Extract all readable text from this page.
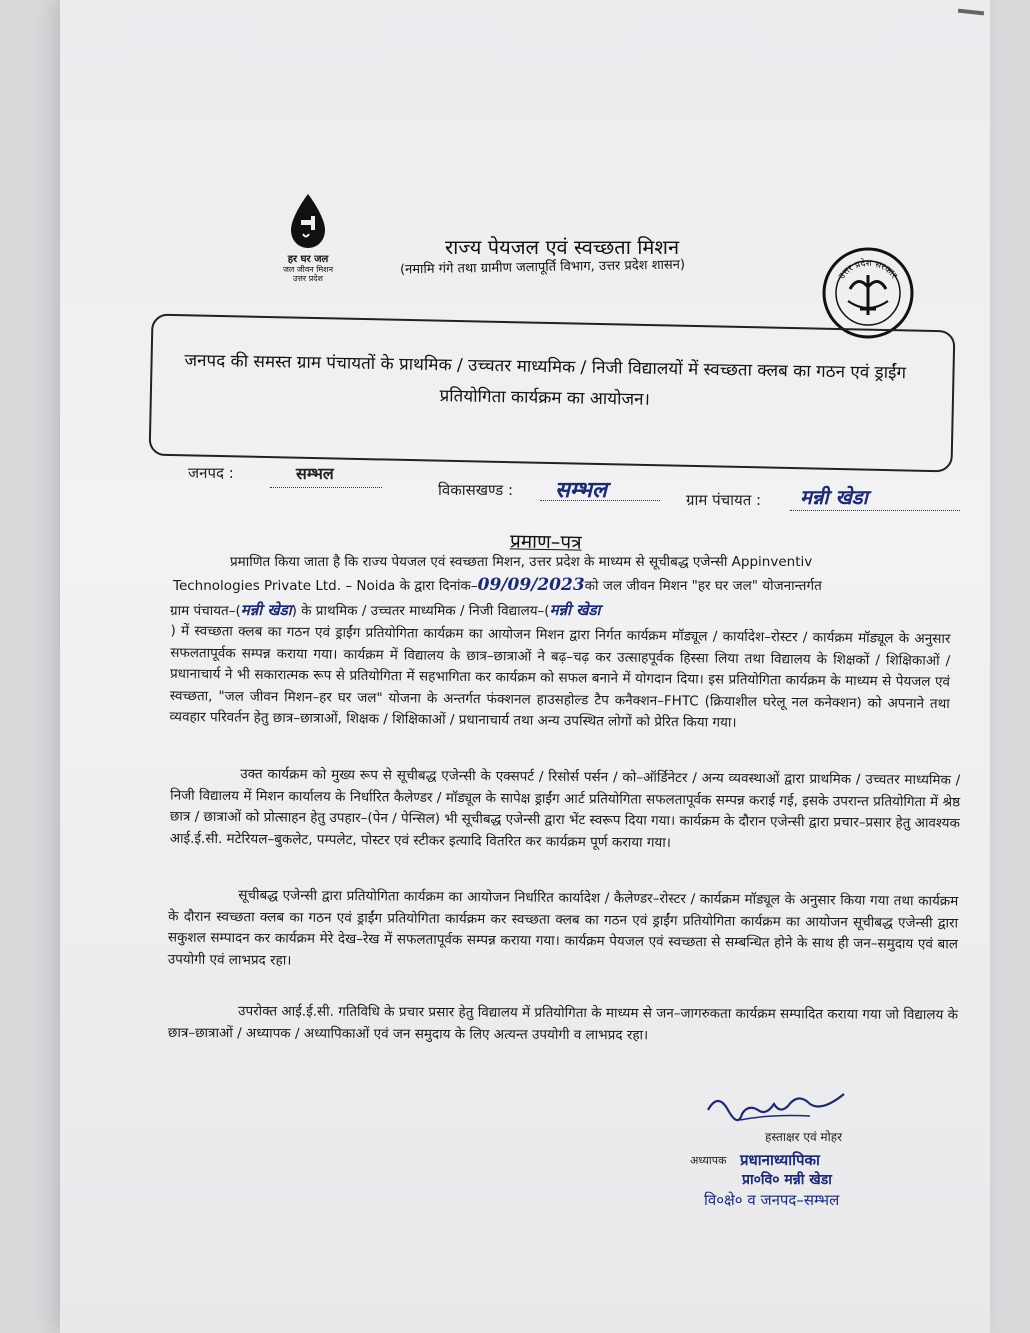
हर घर जल
जल जीवन मिशन
उत्तर प्रदेश
राज्य पेयजल एवं स्वच्छता मिशन
(नमामि गंगे तथा ग्रामीण जलापूर्ति विभाग, उत्तर प्रदेश शासन)	उत्तर प्रदेश सरकार
जनपद की समस्त ग्राम पंचायतों के प्राथमिक / उच्चतर माध्यमिक / निजी विद्यालयों में स्वच्छता क्लब का गठन एवं ड्राईंग प्रतियोगिता कार्यक्रम का आयोजन।
जनपद :	सम्भल
विकासखण्ड : सम्भल	ग्राम पंचायत : मन्नी खेडा
प्रमाण–पत्र
प्रमाणित किया जाता है कि राज्य पेयजल एवं स्वच्छता मिशन, उत्तर प्रदेश के माध्यम से सूचीबद्ध एजेन्सी Appinventiv
Technologies Private Ltd. – Noida के द्वारा दिनांक–09/09/2023को जल जीवन मिशन "हर घर जल" योजनान्तर्गत
ग्राम पंचायत–(मन्नी खेडा) के प्राथमिक / उच्चतर माध्यमिक / निजी विद्यालय–(मन्नी खेडा
) में स्वच्छता क्लब का गठन एवं ड्राईंग प्रतियोगिता कार्यक्रम का आयोजन मिशन द्वारा निर्गत कार्यक्रम मॉड्यूल / कार्यादेश–रोस्टर / कार्यक्रम मॉड्यूल के अनुसार सफलतापूर्वक सम्पन्न कराया गया। कार्यक्रम में विद्यालय के छात्र–छात्राओं ने बढ़–चढ़ कर उत्साहपूर्वक हिस्सा लिया तथा विद्यालय के शिक्षकों / शिक्षिकाओं / प्रधानाचार्य ने भी सकारात्मक रूप से प्रतियोगिता में सहभागिता कर कार्यक्रम को सफल बनाने में योगदान दिया। इस प्रतियोगिता कार्यक्रम के माध्यम से पेयजल एवं स्वच्छता, "जल जीवन मिशन–हर घर जल" योजना के अन्तर्गत फंक्शनल हाउसहोल्ड टैप कनैक्शन–FHTC (क्रियाशील घरेलू नल कनेक्शन) को अपनाने तथा व्यवहार परिवर्तन हेतु छात्र–छात्राओं, शिक्षक / शिक्षिकाओं / प्रधानाचार्य तथा अन्य उपस्थित लोगों को प्रेरित किया गया।
उक्त कार्यक्रम को मुख्य रूप से सूचीबद्ध एजेन्सी के एक्सपर्ट / रिसोर्स पर्सन / को–ऑर्डिनेटर / अन्य व्यवस्थाओं द्वारा प्राथमिक / उच्चतर माध्यमिक / निजी विद्यालय में मिशन कार्यालय के निर्धारित कैलेण्डर / मॉड्यूल के सापेक्ष ड्राईंग आर्ट प्रतियोगिता सफलतापूर्वक सम्पन्न कराई गई, इसके उपरान्त प्रतियोगिता में श्रेष्ठ छात्र / छात्राओं को प्रोत्साहन हेतु उपहार–(पेन / पेन्सिल) भी सूचीबद्ध एजेन्सी द्वारा भेंट स्वरूप दिया गया। कार्यक्रम के दौरान एजेन्सी द्वारा प्रचार–प्रसार हेतु आवश्यक आई.ई.सी. मटेरियल–बुकलेट, पम्पलेट, पोस्टर एवं स्टीकर इत्यादि वितरित कर कार्यक्रम पूर्ण कराया गया।
सूचीबद्ध एजेन्सी द्वारा प्रतियोगिता कार्यक्रम का आयोजन निर्धारित कार्यादेश / कैलेण्डर–रोस्टर / कार्यक्रम मॉड्यूल के अनुसार किया गया तथा कार्यक्रम के दौरान स्वच्छता क्लब का गठन एवं ड्राईंग प्रतियोगिता कार्यक्रम कर स्वच्छता क्लब का गठन एवं ड्राईंग प्रतियोगिता कार्यक्रम का आयोजन सूचीबद्ध एजेन्सी द्वारा सकुशल सम्पादन कर कार्यक्रम मेरे देख–रेख में सफलतापूर्वक सम्पन्न कराया गया। कार्यक्रम पेयजल एवं स्वच्छता से सम्बन्धित होने के साथ ही जन–समुदाय एवं बाल उपयोगी एवं लाभप्रद रहा।
उपरोक्त आई.ई.सी. गतिविधि के प्रचार प्रसार हेतु विद्यालय में प्रतियोगिता के माध्यम से जन–जागरुकता कार्यक्रम सम्पादित कराया गया जो विद्यालय के छात्र–छात्राओं / अध्यापक / अध्यापिकाओं एवं जन समुदाय के लिए अत्यन्त उपयोगी व लाभप्रद रहा।
हस्ताक्षर एवं मोहर
अध्यापक प्रधानाध्यापिका
प्रा०वि० मन्नी खेडा
वि०क्षे० व जनपद–सम्भल
